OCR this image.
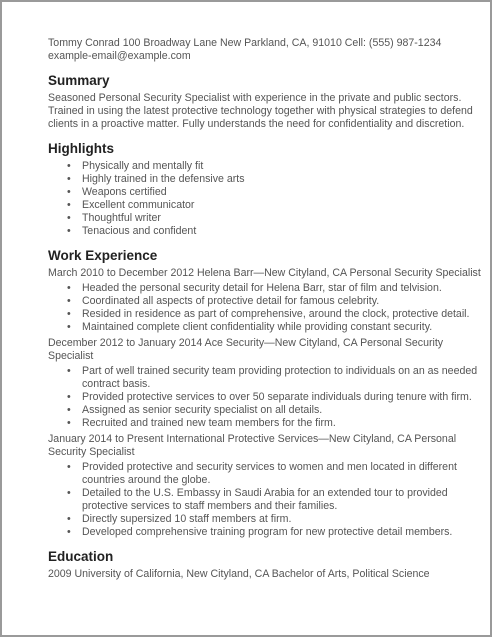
Tommy Conrad 100 Broadway Lane New Parkland, CA, 91010 Cell: (555) 987-1234 example-email@example.com

Summary

Seasoned Personal Security Specialist with experience in the private and public sectors. Trained in using the latest protective technology together with physical strategies to defend clients in a proactive matter. Fully understands the need for confidentiality and discretion.

Highlights
• Physically and mentally fit
• Highly trained in the defensive arts
• Weapons certified
• Excellent communicator
• Thoughtful writer
• Tenacious and confident
Work Experience

March 2010 to December 2012 Helena Barr—New Cityland, CA Personal Security Specialist

• Headed the personal security detail for Helena Barr, star of film and telvision.
• Coordinated all aspects of protective detail for famous celebrity.
• Resided in residence as part of comprehensive, around the clock, protective detail.
• Maintained complete client confidentiality while providing constant security.

December 2012 to January 2014 Ace Security—New Cityland, CA Personal Security Specialist

• Part of well trained security team providing protection to individuals on an as needed contract basis.
• Provided protective services to over 50 separate individuals during tenure with firm.
• Assigned as senior security specialist on all details.
• Recruited and trained new team members for the firm.

January 2014 to Present International Protective Services—New Cityland, CA Personal Security Specialist

• Provided protective and security services to women and men located in different countries around the globe.
• Detailed to the U.S. Embassy in Saudi Arabia for an extended tour to provided protective services to staff members and their families.
• Directly supersized 10 staff members at firm.
• Developed comprehensive training program for new protective detail members.
Education

2009 University of California, New Cityland, CA Bachelor of Arts, Political Science
